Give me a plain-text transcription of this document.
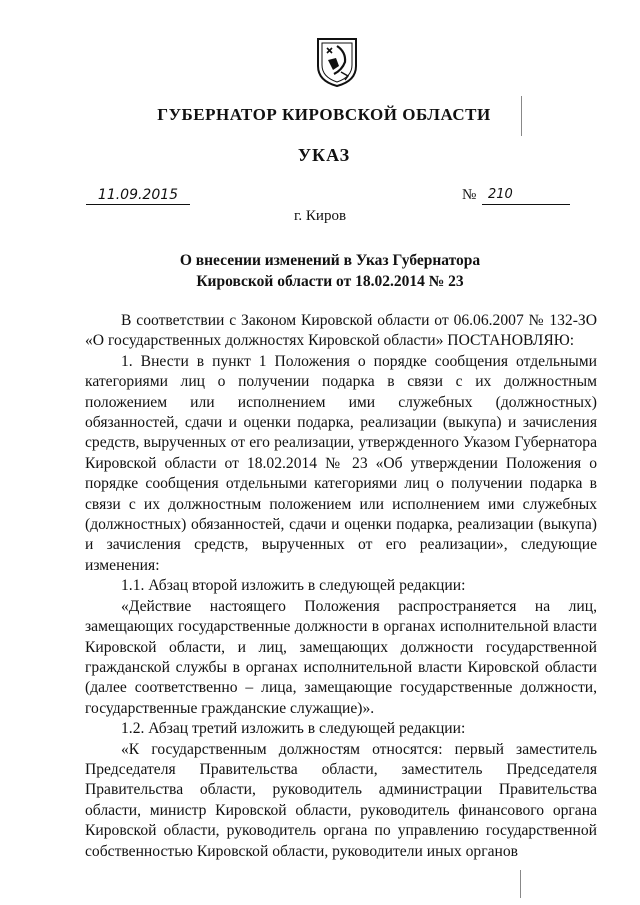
ГУБЕРНАТОР КИРОВСКОЙ ОБЛАСТИ
УКАЗ
11.09.2015	№ 210
г. Киров
О внесении изменений в Указ Губернатора
Кировской области от 18.02.2014 № 23

В соответствии с Законом Кировской области от 06.06.2007 № 132-ЗО «О государственных должностях Кировской области» ПОСТАНОВЛЯЮ:

1. Внести в пункт 1 Положения о порядке сообщения отдельными категориями лиц о получении подарка в связи с их должностным положением или исполнением ими служебных (должностных) обязанностей, сдачи и оценки подарка, реализации (выкупа) и зачисления средств, вырученных от его реализации, утвержденного Указом Губернатора Кировской области от 18.02.2014 № 23 «Об утверждении Положения о порядке сообщения отдельными категориями лиц о получении подарка в связи с их должностным положением или исполнением ими служебных (должностных) обязанностей, сдачи и оценки подарка, реализации (выкупа) и зачисления средств, вырученных от его реализации», следующие изменения:

1.1. Абзац второй изложить в следующей редакции:

«Действие настоящего Положения распространяется на лиц, замещающих государственные должности в органах исполнительной власти Кировской области, и лиц, замещающих должности государственной гражданской службы в органах исполнительной власти Кировской области (далее соответственно – лица, замещающие государственные должности, государственные гражданские служащие)».

1.2. Абзац третий изложить в следующей редакции:

«К государственным должностям относятся: первый заместитель Председателя Правительства области, заместитель Председателя Правительства области, руководитель администрации Правительства области, министр Кировской области, руководитель финансового органа Кировской области, руководитель органа по управлению государственной собственностью Кировской области, руководители иных органов
